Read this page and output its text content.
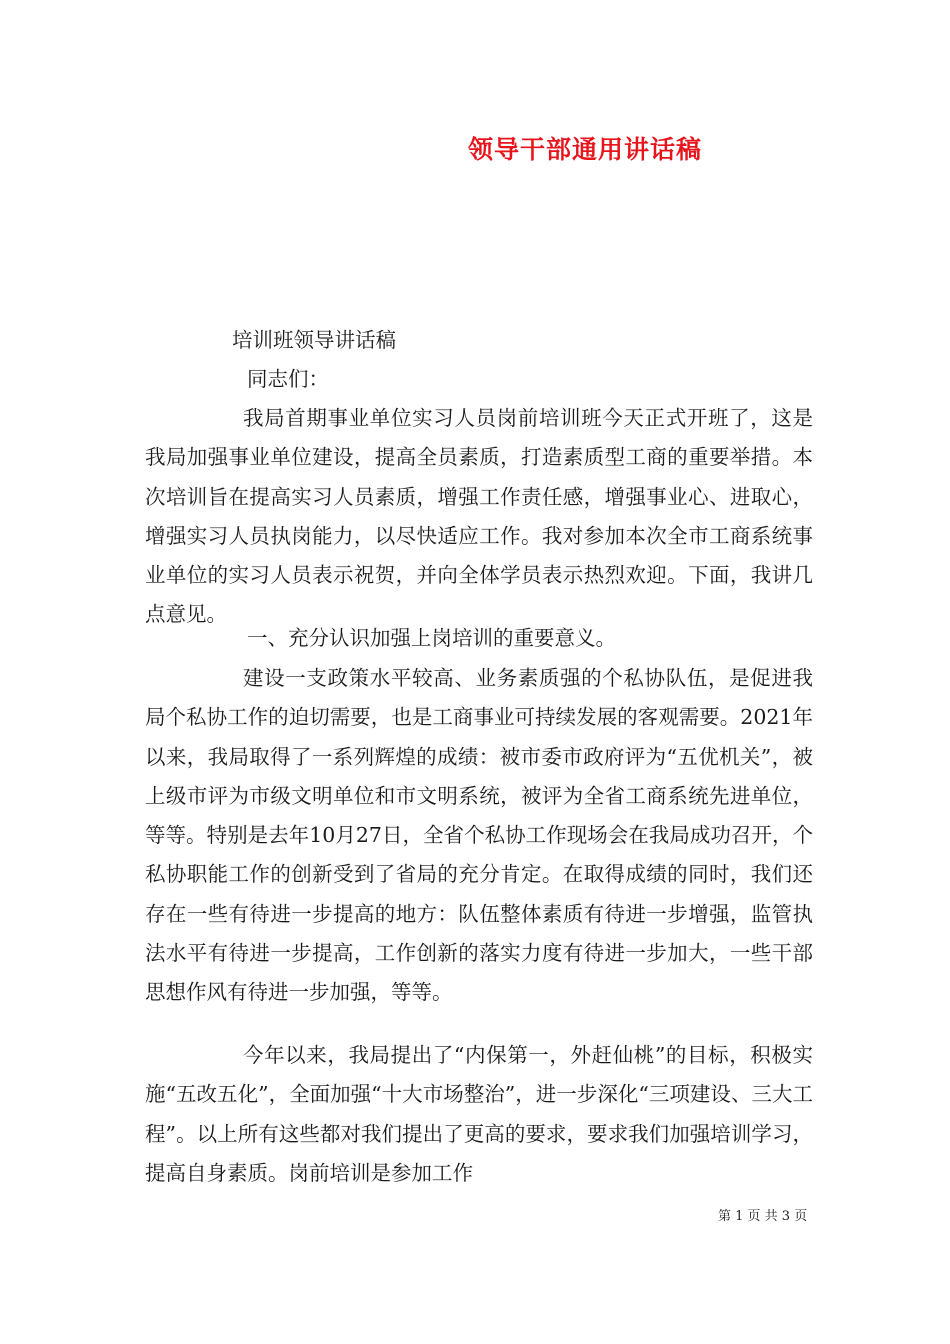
领导干部通用讲话稿
培训班领导讲话稿
同志们：
我局首期事业单位实习人员岗前培训班今天正式开班了，这是我局加强事业单位建设，提高全员素质，打造素质型工商的重要举措。本次培训旨在提高实习人员素质，增强工作责任感，增强事业心、进取心，增强实习人员执岗能力，以尽快适应工作。我对参加本次全市工商系统事业单位的实习人员表示祝贺，并向全体学员表示热烈欢迎。下面，我讲几点意见。
一、充分认识加强上岗培训的重要意义。
建设一支政策水平较高、业务素质强的个私协队伍，是促进我局个私协工作的迫切需要，也是工商事业可持续发展的客观需要。2021年以来，我局取得了一系列辉煌的成绩：被市委市政府评为“五优机关”，被上级市评为市级文明单位和市文明系统，被评为全省工商系统先进单位，等等。特别是去年10月27日，全省个私协工作现场会在我局成功召开，个私协职能工作的创新受到了省局的充分肯定。在取得成绩的同时，我们还存在一些有待进一步提高的地方：队伍整体素质有待进一步增强，监管执法水平有待进一步提高，工作创新的落实力度有待进一步加大，一些干部思想作风有待进一步加强，等等。
今年以来，我局提出了“内保第一，外赶仙桃”的目标，积极实施“五改五化”，全面加强“十大市场整治”，进一步深化“三项建设、三大工程”。以上所有这些都对我们提出了更高的要求，要求我们加强培训学习，提高自身素质。岗前培训是参加工作
第 1 页 共 3 页
